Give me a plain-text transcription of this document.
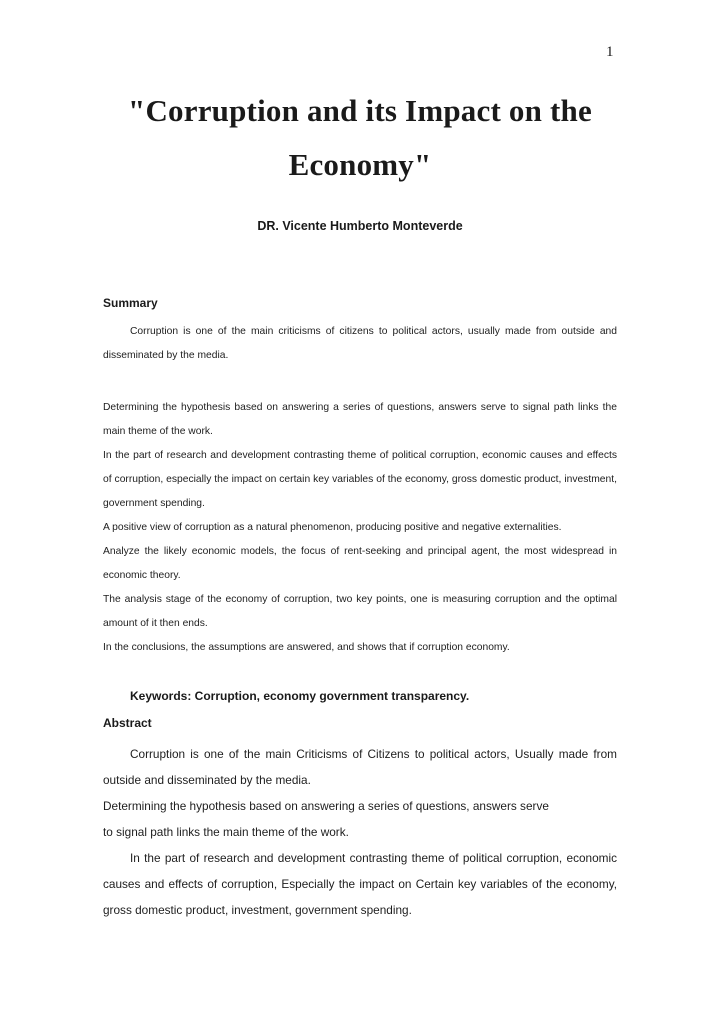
1
"Corruption and its Impact on the
Economy"
DR. Vicente Humberto Monteverde
Summary

Corruption is one of the main criticisms of citizens to political actors, usually made from outside and disseminated by the media.

Determining the hypothesis based on answering a series of questions, answers serve to signal path links the main theme of the work.
In the part of research and development contrasting theme of political corruption, economic causes and effects of corruption, especially the impact on certain key variables of the economy, gross domestic product, investment, government spending.
A positive view of corruption as a natural phenomenon, producing positive and negative externalities.
Analyze the likely economic models, the focus of rent-seeking and principal agent, the most widespread in economic theory.
The analysis stage of the economy of corruption, two key points, one is measuring corruption and the optimal amount of it then ends.
In the conclusions, the assumptions are answered, and shows that if corruption economy.
Keywords: Corruption, economy government transparency.
Abstract
Corruption is one of the main Criticisms of Citizens to political actors, Usually made from outside and disseminated by the media.
Determining the hypothesis based on answering a series of questions, answers serve
to signal path links the main theme of the work.
In the part of research and development contrasting theme of political corruption, economic causes and effects of corruption, Especially the impact on Certain key variables of the economy, gross domestic product, investment, government spending.
